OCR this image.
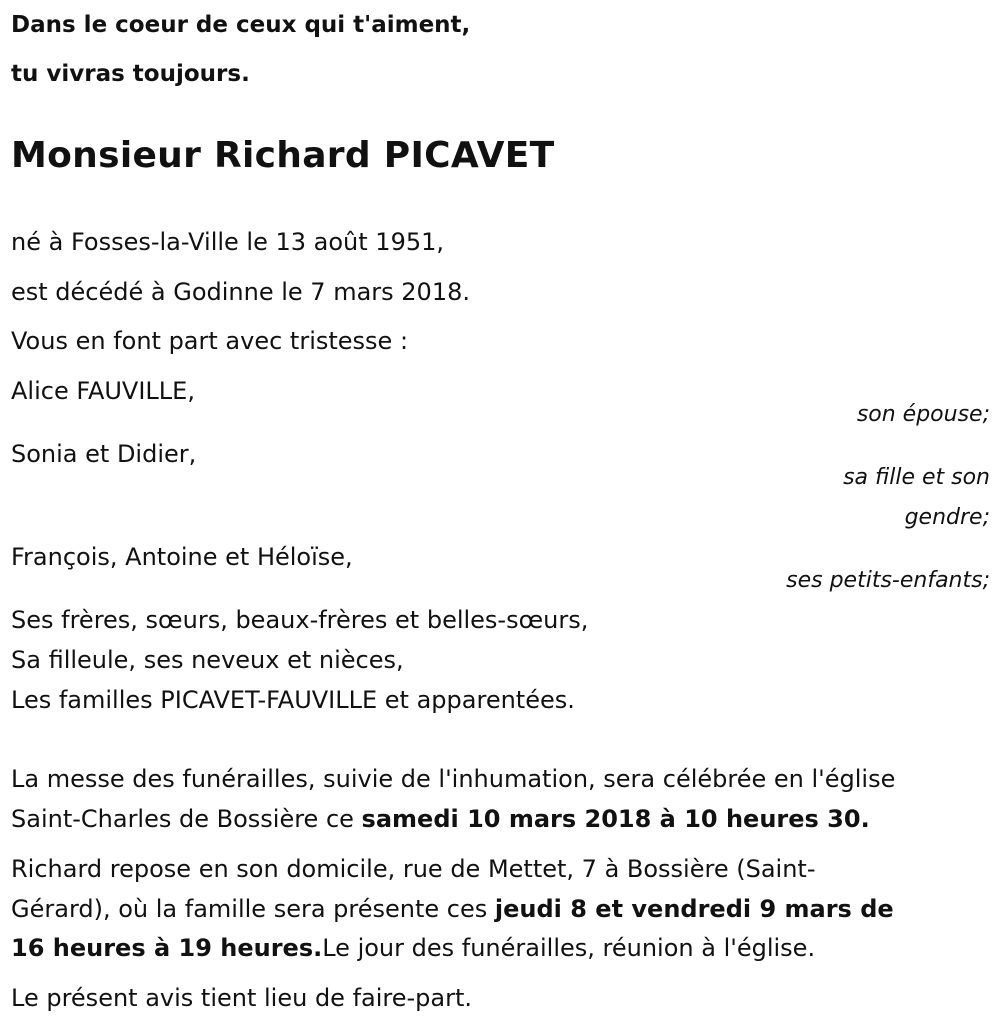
Dans le coeur de ceux qui t'aiment,
tu vivras toujours.
Monsieur Richard PICAVET
né à Fosses-la-Ville le 13 août 1951,
est décédé à Godinne le 7 mars 2018.
Vous en font part avec tristesse :
Alice FAUVILLE,
son épouse;
Sonia et Didier,
sa fille et son
gendre;
François, Antoine et Héloïse,
ses petits-enfants;
Ses frères, sœurs, beaux-frères et belles-sœurs,
Sa filleule, ses neveux et nièces,
Les familles PICAVET-FAUVILLE et apparentées.
La messe des funérailles, suivie de l'inhumation, sera célébrée en l'église
Saint-Charles de Bossière ce samedi 10 mars 2018 à 10 heures 30.
Richard repose en son domicile, rue de Mettet, 7 à Bossière (Saint-
Gérard), où la famille sera présente ces jeudi 8 et vendredi 9 mars de
16 heures à 19 heures.Le jour des funérailles, réunion à l'église.
Le présent avis tient lieu de faire-part.
